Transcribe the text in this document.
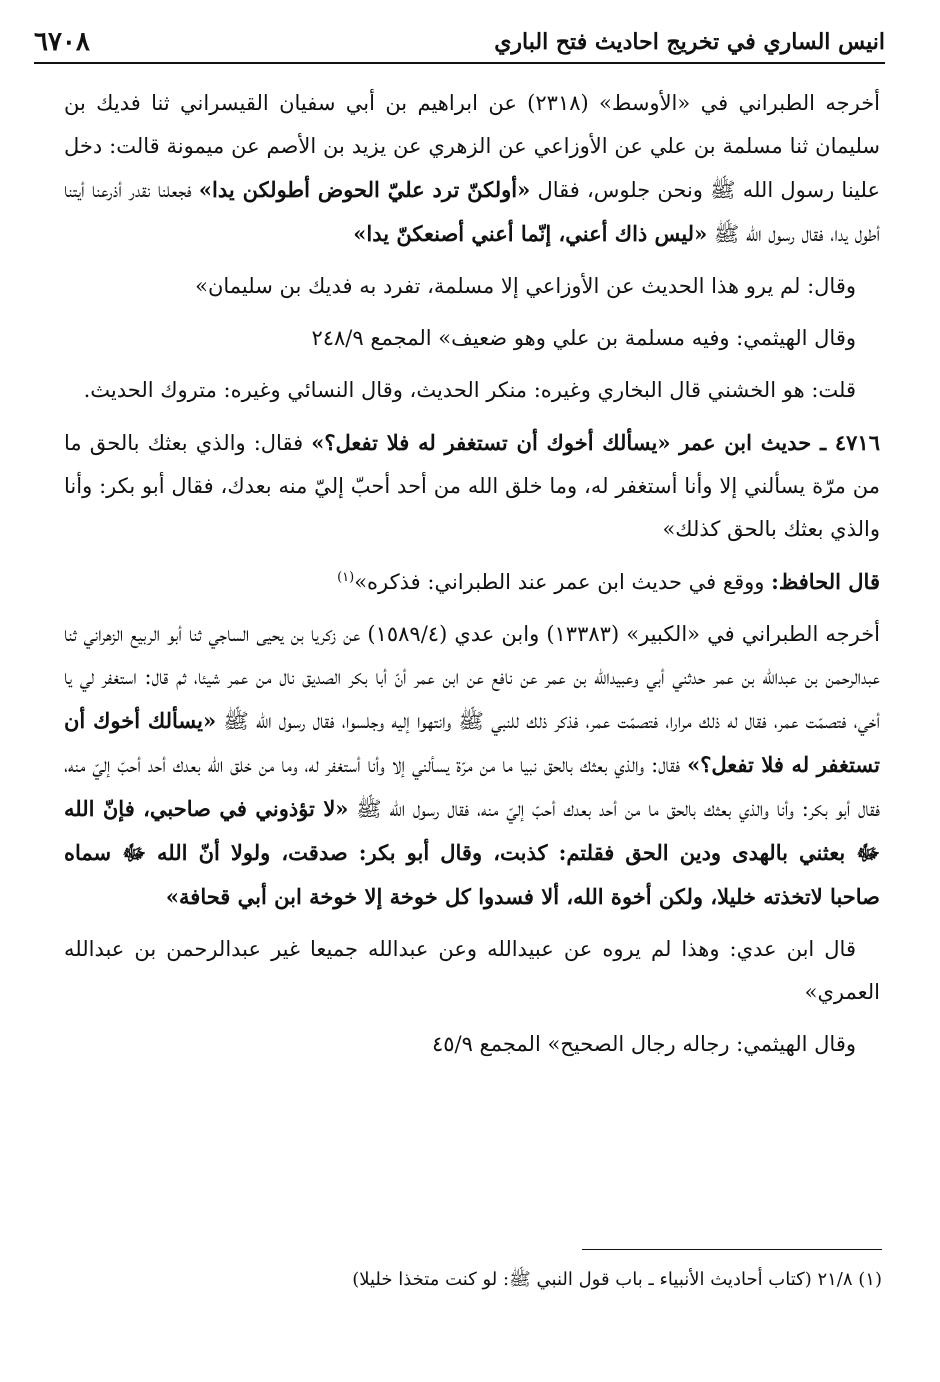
انيس الساري في تخريج احاديث فتح الباري
٦٧٠٨

أخرجه الطبراني في «الأوسط» (٢٣١٨) عن ابراهيم بن أبي سفيان القيسراني ثنا فديك بن سليمان ثنا مسلمة بن علي عن الأوزاعي عن الزهري عن يزيد بن الأصم عن ميمونة قالت: دخل علينا رسول الله ﷺ ونحن جلوس، فقال «أولكنّ ترد عليّ الحوض أطولكن يدا» فجعلنا نقدر أذرعنا أيتنا أطول يدا، فقال رسول الله ﷺ «ليس ذاك أعني، إنّما أعني أصنعكنّ يدا»

وقال: لم يرو هذا الحديث عن الأوزاعي إلا مسلمة، تفرد به فديك بن سليمان»

وقال الهيثمي: وفيه مسلمة بن علي وهو ضعيف» المجمع ٢٤٨/٩

قلت: هو الخشني قال البخاري وغيره: منكر الحديث، وقال النسائي وغيره: متروك الحديث.

٤٧١٦ ـ حديث ابن عمر «يسألك أخوك أن تستغفر له فلا تفعل؟» فقال: والذي بعثك بالحق ما من مرّة يسألني إلا وأنا أستغفر له، وما خلق الله من أحد أحبّ إليّ منه بعدك، فقال أبو بكر: وأنا والذي بعثك بالحق كذلك»

قال الحافظ: ووقع في حديث ابن عمر عند الطبراني: فذكره»$^{(١)}$

أخرجه الطبراني في «الكبير» (١٣٣٨٣) وابن عدي (١٥٨٩/٤) عن زكريا بن يحيى الساجي ثنا أبو الربيع الزهراني ثنا عبدالرحمن بن عبدالله بن عمر حدثني أبي وعبيدالله بن عمر عن نافع عن ابن عمر أنّ أبا بكر الصديق نال من عمر شيئا، ثم قال: استغفر لي يا أخي، فتصمّت عمر، فقال له ذلك مرارا، فتصمّت عمر، فذكر ذلك للنبي ﷺ وانتهوا إليه وجلسوا، فقال رسول الله ﷺ «يسألك أخوك أن تستغفر له فلا تفعل؟» فقال: والذي بعثك بالحق نبيا ما من مرّة يسألني إلا وأنا أستغفر له، وما من خلق الله بعدك أحد أحبّ إليّ منه، فقال أبو بكر: وأنا والذي بعثك بالحق ما من أحد بعدك أحبّ إليّ منه، فقال رسول الله ﷺ «لا تؤذوني في صاحبي، فإنّ الله ﷻ بعثني بالهدى ودين الحق فقلتم: كذبت، وقال أبو بكر: صدقت، ولولا أنّ الله ﷻ سماه صاحبا لاتخذته خليلا، ولكن أخوة الله، ألا فسدوا كل خوخة إلا خوخة ابن أبي قحافة»

قال ابن عدي: وهذا لم يروه عن عبيدالله وعن عبدالله جميعا غير عبدالرحمن بن عبدالله العمري»

وقال الهيثمي: رجاله رجال الصحيح» المجمع ٤٥/٩

(١) ٢١/٨ (كتاب أحاديث الأنبياء ـ باب قول النبي ﷺ: لو كنت متخذا خليلا)
